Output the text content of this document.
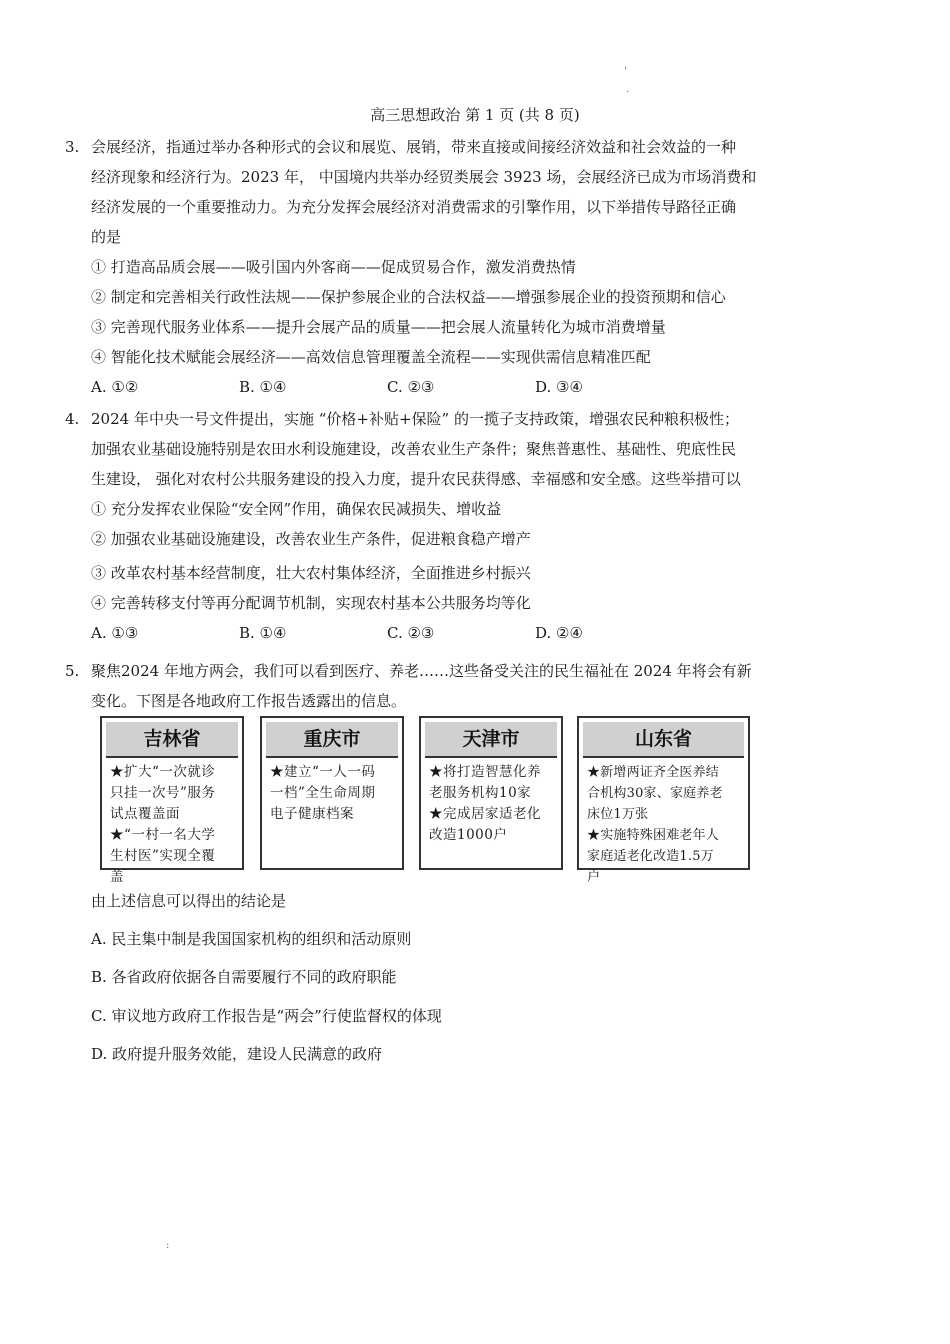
'
.
高三思想政治 第 1 页 (共 8 页)
3. 会展经济，指通过举办各种形式的会议和展览、展销，带来直接或间接经济效益和社会效益的一种
经济现象和经济行为。2023 年， 中国境内共举办经贸类展会 3923 场，会展经济已成为市场消费和
经济发展的一个重要推动力。为充分发挥会展经济对消费需求的引擎作用，以下举措传导路径正确
的是
① 打造高品质会展——吸引国内外客商——促成贸易合作，激发消费热情
② 制定和完善相关行政性法规——保护参展企业的合法权益——增强参展企业的投资预期和信心
③ 完善现代服务业体系——提升会展产品的质量——把会展人流量转化为城市消费增量
④ 智能化技术赋能会展经济——高效信息管理覆盖全流程——实现供需信息精准匹配
A. ①②	B. ①④	C. ②③	D. ③④
4. 2024 年中央一号文件提出，实施 “价格+补贴+保险” 的一揽子支持政策，增强农民种粮积极性；
加强农业基础设施特别是农田水利设施建设，改善农业生产条件；聚焦普惠性、基础性、兜底性民
生建设， 强化对农村公共服务建设的投入力度，提升农民获得感、幸福感和安全感。这些举措可以
① 充分发挥农业保险“安全网”作用，确保农民减损失、增收益
② 加强农业基础设施建设，改善农业生产条件，促进粮食稳产增产
③ 改革农村基本经营制度，壮大农村集体经济，全面推进乡村振兴
④ 完善转移支付等再分配调节机制，实现农村基本公共服务均等化
A. ①③	B. ①④	C. ②③	D. ②④
5. 聚焦2024 年地方两会，我们可以看到医疗、养老……这些备受关注的民生福祉在 2024 年将会有新
变化。下图是各地政府工作报告透露出的信息。
吉林省
★扩大“一次就诊
只挂一次号”服务
试点覆盖面
★“一村一名大学
生村医”实现全覆
盖
重庆市
★建立“一人一码
一档”全生命周期
电子健康档案
天津市
★将打造智慧化养
老服务机构10家
★完成居家适老化
改造1000户
山东省
★新增两证齐全医养结
合机构30家、家庭养老
床位1万张
★实施特殊困难老年人
家庭适老化改造1.5万
户
由上述信息可以得出的结论是
A. 民主集中制是我国国家机构的组织和活动原则
B. 各省政府依据各自需要履行不同的政府职能
C. 审议地方政府工作报告是“两会”行使监督权的体现
D. 政府提升服务效能，建设人民满意的政府
:
